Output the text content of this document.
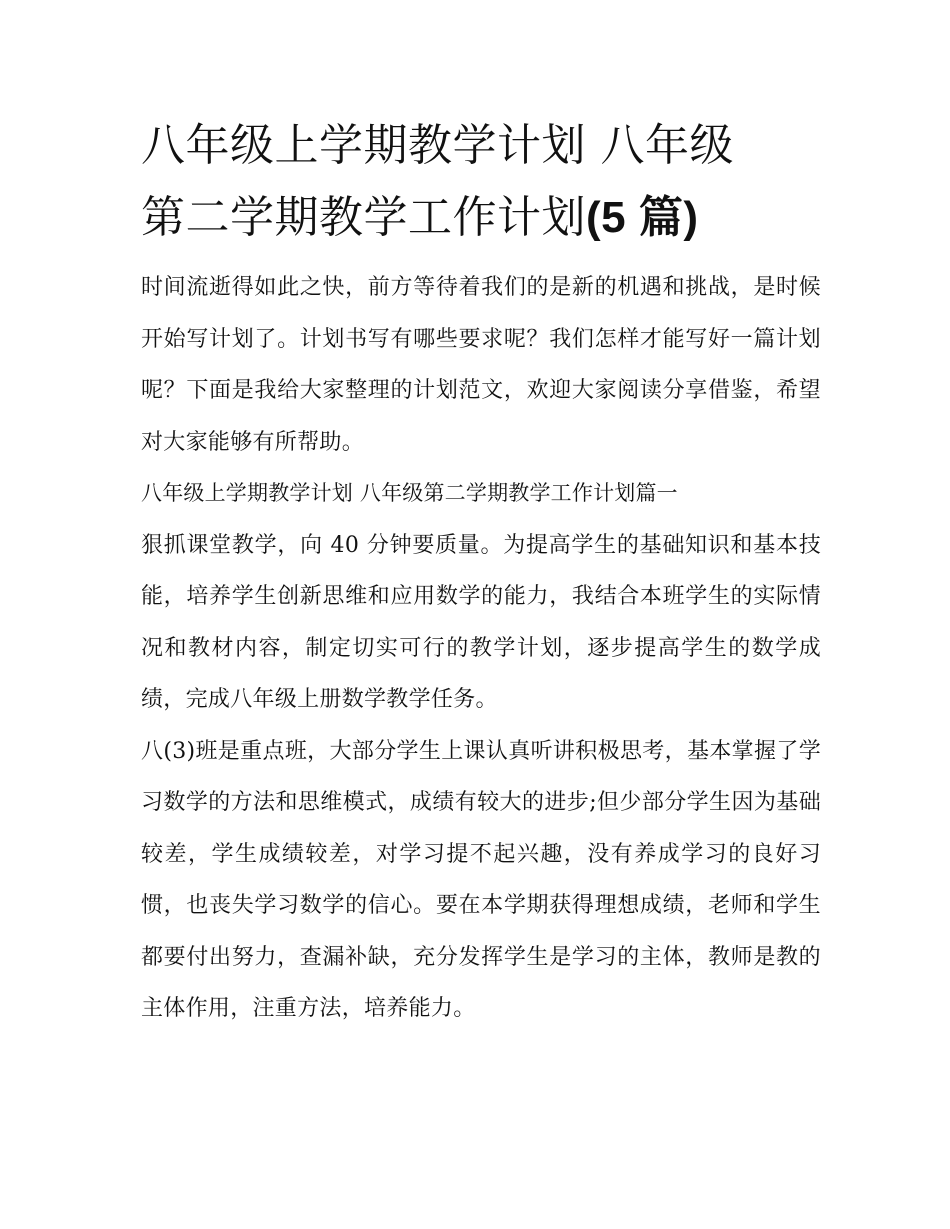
八年级上学期教学计划 八年级
第二学期教学工作计划(5 篇)

时间流逝得如此之快，前方等待着我们的是新的机遇和挑战，是时候开始写计划了。计划书写有哪些要求呢？我们怎样才能写好一篇计划呢？下面是我给大家整理的计划范文，欢迎大家阅读分享借鉴，希望对大家能够有所帮助。

八年级上学期教学计划 八年级第二学期教学工作计划篇一

狠抓课堂教学，向 40 分钟要质量。为提高学生的基础知识和基本技能，培养学生创新思维和应用数学的能力，我结合本班学生的实际情况和教材内容，制定切实可行的教学计划，逐步提高学生的数学成绩，完成八年级上册数学教学任务。

八(3)班是重点班，大部分学生上课认真听讲积极思考，基本掌握了学习数学的方法和思维模式，成绩有较大的进步;但少部分学生因为基础较差，学生成绩较差，对学习提不起兴趣，没有养成学习的良好习惯，也丧失学习数学的信心。要在本学期获得理想成绩，老师和学生都要付出努力，查漏补缺，充分发挥学生是学习的主体，教师是教的主体作用，注重方法，培养能力。
